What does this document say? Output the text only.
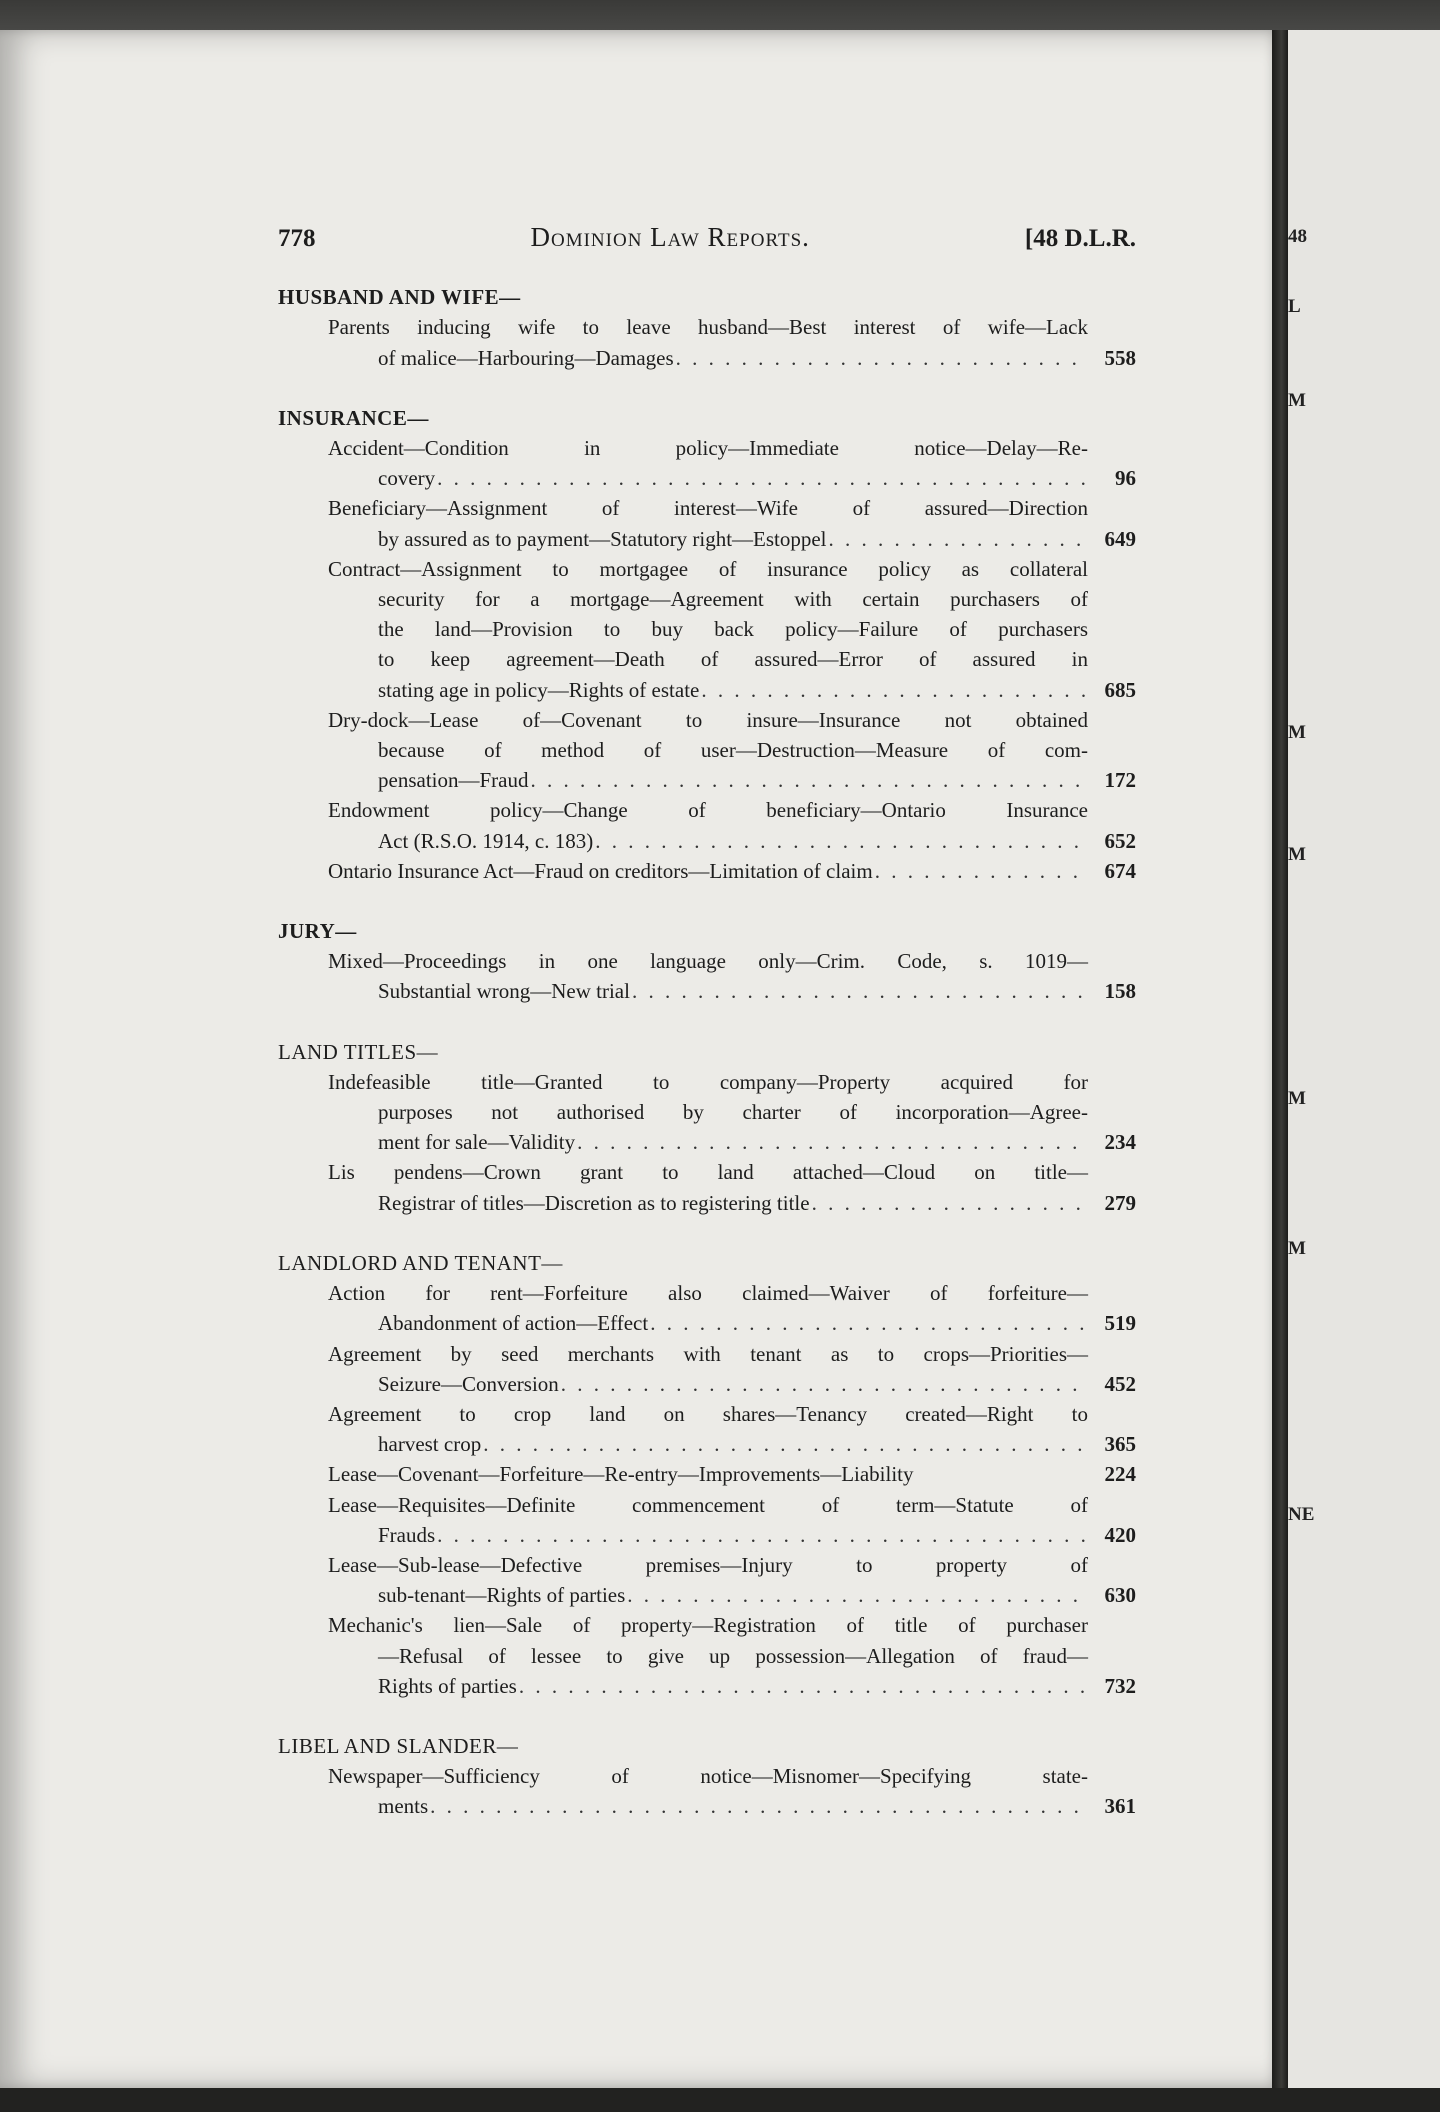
48
L
M
M
M
M
M
NE
778	Dominion Law Reports.	[48 D.L.R.
HUSBAND AND WIFE—
Parents inducing wife to leave husband—Best interest of wife—Lack
of malice—Harbouring—Damages . . .	558
INSURANCE—
Accident—Condition in policy—Immediate notice—Delay—Re-
covery . . .	96
Beneficiary—Assignment of interest—Wife of assured—Direction
by assured as to payment—Statutory right—Estoppel . . .	649
Contract—Assignment to mortgagee of insurance policy as collateral
security for a mortgage—Agreement with certain purchasers of
the land—Provision to buy back policy—Failure of purchasers
to keep agreement—Death of assured—Error of assured in
stating age in policy—Rights of estate . . .	685
Dry-dock—Lease of—Covenant to insure—Insurance not obtained
because of method of user—Destruction—Measure of com-
pensation—Fraud . . .	172
Endowment policy—Change of beneficiary—Ontario Insurance
Act (R.S.O. 1914, c. 183) . . .	652
Ontario Insurance Act—Fraud on creditors—Limitation of claim . . .	674
JURY—
Mixed—Proceedings in one language only—Crim. Code, s. 1019—
Substantial wrong—New trial . . .	158
LAND TITLES—
Indefeasible title—Granted to company—Property acquired for
purposes not authorised by charter of incorporation—Agree-
ment for sale—Validity . . .	234
Lis pendens—Crown grant to land attached—Cloud on title—
Registrar of titles—Discretion as to registering title . . .	279
LANDLORD AND TENANT—
Action for rent—Forfeiture also claimed—Waiver of forfeiture—
Abandonment of action—Effect . . .	519
Agreement by seed merchants with tenant as to crops—Priorities—
Seizure—Conversion . . .	452
Agreement to crop land on shares—Tenancy created—Right to
harvest crop . . .	365
Lease—Covenant—Forfeiture—Re-entry—Improvements—Liability	224
Lease—Requisites—Definite commencement of term—Statute of
Frauds . . .	420
Lease—Sub-lease—Defective premises—Injury to property of
sub-tenant—Rights of parties . . .	630
Mechanic's lien—Sale of property—Registration of title of purchaser
—Refusal of lessee to give up possession—Allegation of fraud—
Rights of parties . . .	732
LIBEL AND SLANDER—
Newspaper—Sufficiency of notice—Misnomer—Specifying state-
ments . . .	361
